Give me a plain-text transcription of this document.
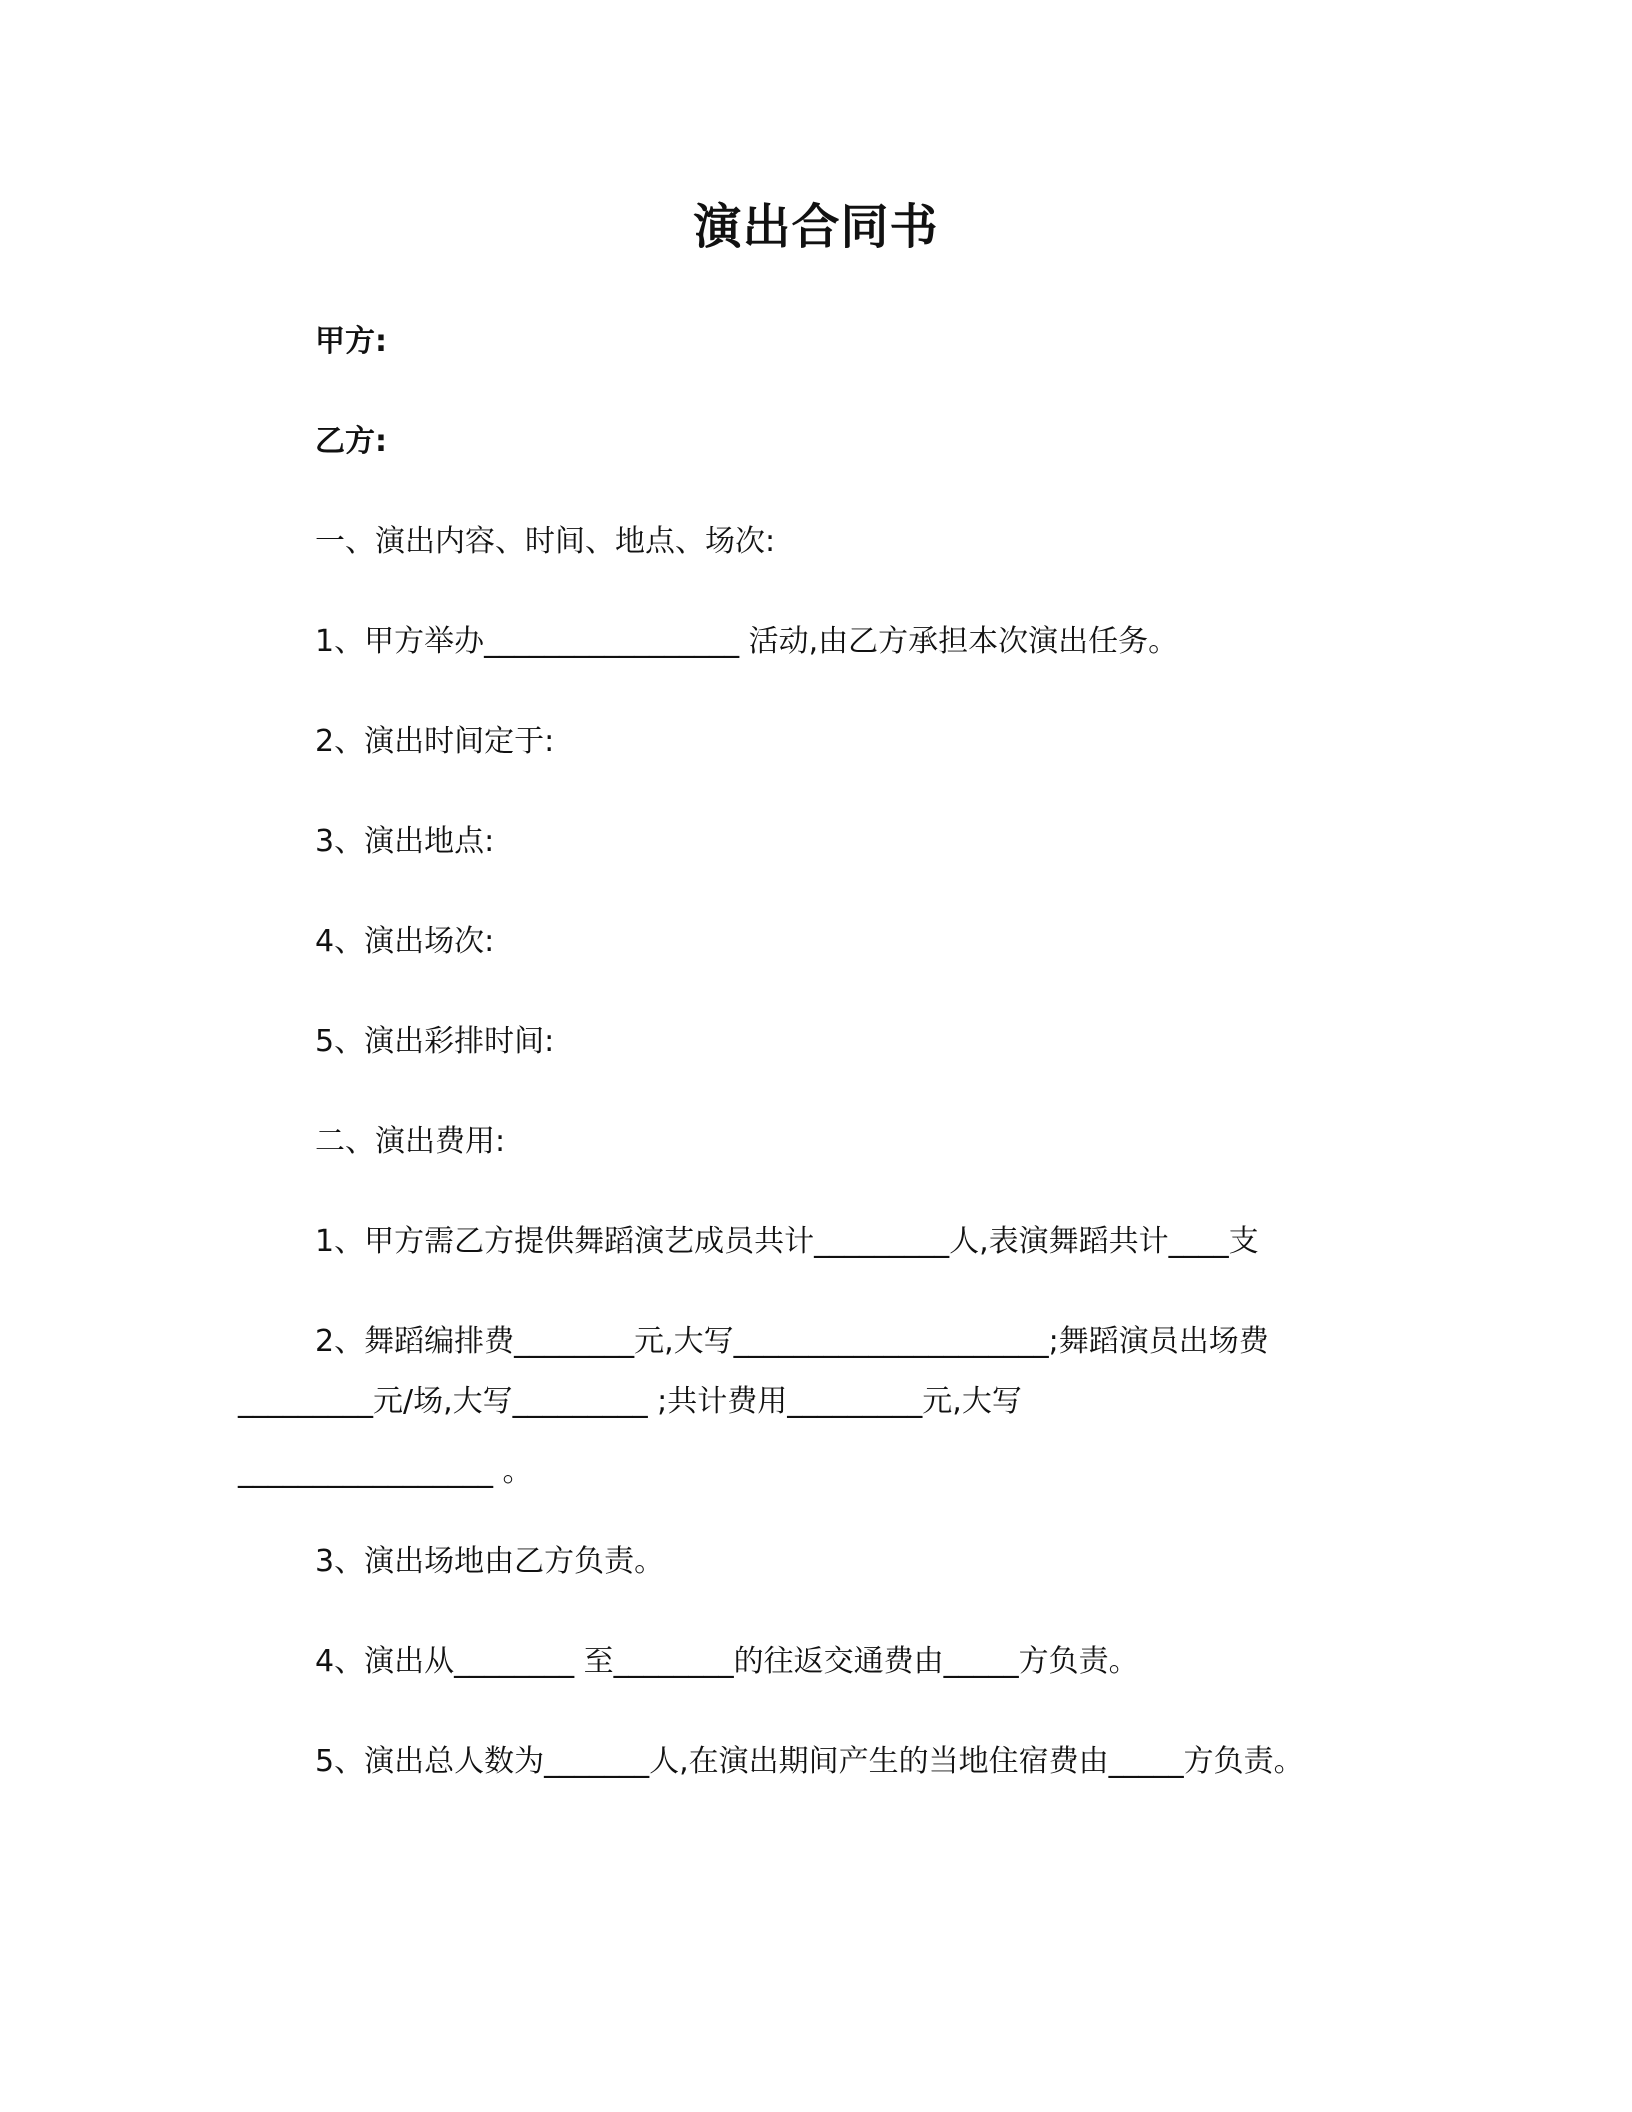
演出合同书
甲方:
乙方:
一、演出内容、时间、地点、场次:
1、甲方举办_________________ 活动,由乙方承担本次演出任务。
2、演出时间定于:
3、演出地点:
4、演出场次:
5、演出彩排时间:
二、演出费用:
1、甲方需乙方提供舞蹈演艺成员共计_________人,表演舞蹈共计____支
2、舞蹈编排费________元,大写_____________________;舞蹈演员出场费
_________元/场,大写_________ ;共计费用_________元,大写
_________________ 。
3、演出场地由乙方负责。
4、演出从________ 至________的往返交通费由_____方负责。
5、演出总人数为_______人,在演出期间产生的当地住宿费由_____方负责。
